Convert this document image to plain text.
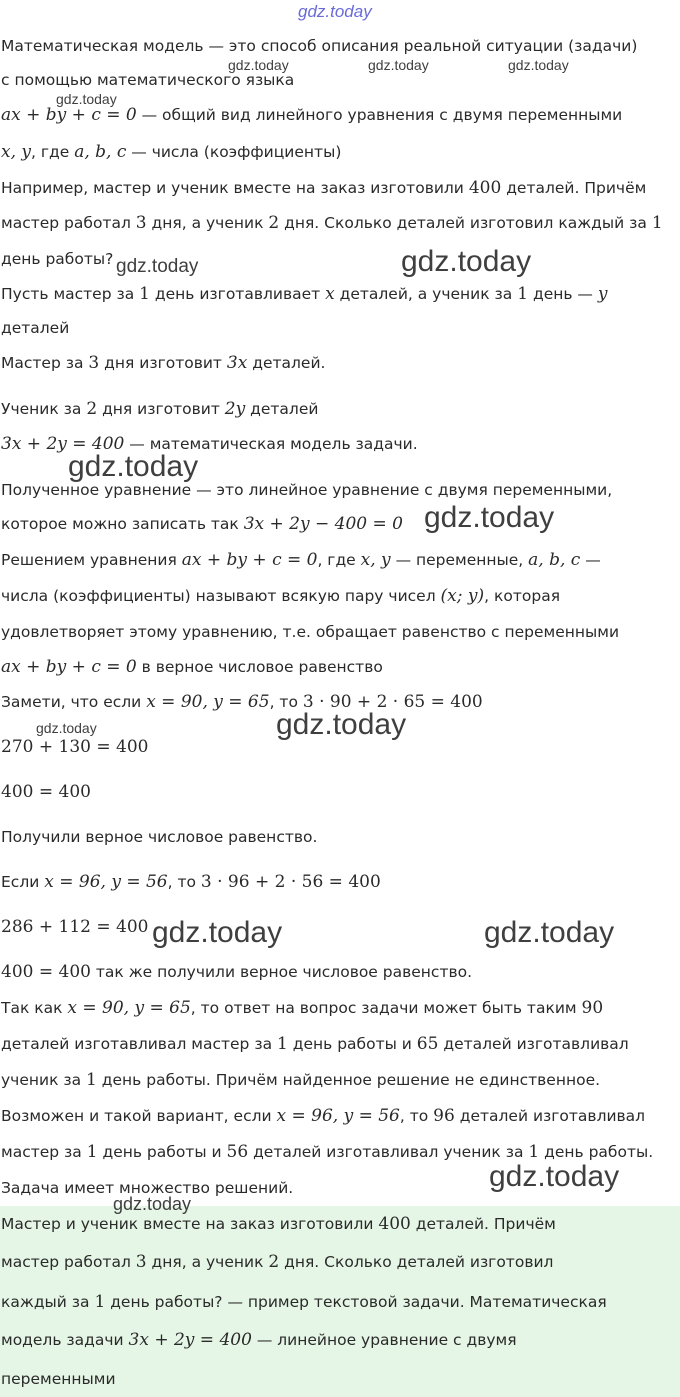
gdz.today
Математическая модель — это способ описания реальной ситуации (задачи)
с помощью математического языка
ax + by + c = 0 — общий вид линейного уравнения с двумя переменными
x, y, где a, b, c — числа (коэффициенты)
Например, мастер и ученик вместе на заказ изготовили 400 деталей. Причём
мастер работал 3 дня, а ученик 2 дня. Сколько деталей изготовил каждый за 1
день работы?
Пусть мастер за 1 день изготавливает x деталей, а ученик за 1 день — y
деталей
Мастер за 3 дня изготовит 3x деталей.
Ученик за 2 дня изготовит 2y деталей
3x + 2y = 400 — математическая модель задачи.
Полученное уравнение — это линейное уравнение с двумя переменными,
которое можно записать так 3x + 2y − 400 = 0
Решением уравнения ax + by + c = 0, где x, y — переменные, a, b, c —
числа (коэффициенты) называют всякую пару чисел (x; y), которая
удовлетворяет этому уравнению, т.е. обращает равенство с переменными
ax + by + c = 0 в верное числовое равенство
Замети, что если x = 90, y = 65, то 3 · 90 + 2 · 65 = 400
270 + 130 = 400
400 = 400
Получили верное числовое равенство.
Если x = 96, y = 56, то 3 · 96 + 2 · 56 = 400
286 + 112 = 400
400 = 400 так же получили верное числовое равенство.
Так как x = 90, y = 65, то ответ на вопрос задачи может быть таким 90
деталей изготавливал мастер за 1 день работы и 65 деталей изготавливал
ученик за 1 день работы. Причём найденное решение не единственное.
Возможен и такой вариант, если x = 96, y = 56, то 96 деталей изготавливал
мастер за 1 день работы и 56 деталей изготавливал ученик за 1 день работы.
Задача имеет множество решений.
Мастер и ученик вместе на заказ изготовили 400 деталей. Причём
мастер работал 3 дня, а ученик 2 дня. Сколько деталей изготовил
каждый за 1 день работы? — пример текстовой задачи. Математическая
модель задачи 3x + 2y = 400 — линейное уравнение с двумя
переменными
gdz.today	gdz.today	gdz.today
gdz.today
gdz.today	gdz.today
gdz.today
gdz.today
gdz.today
gdz.today
gdz.today	gdz.today
gdz.today
gdz.today
